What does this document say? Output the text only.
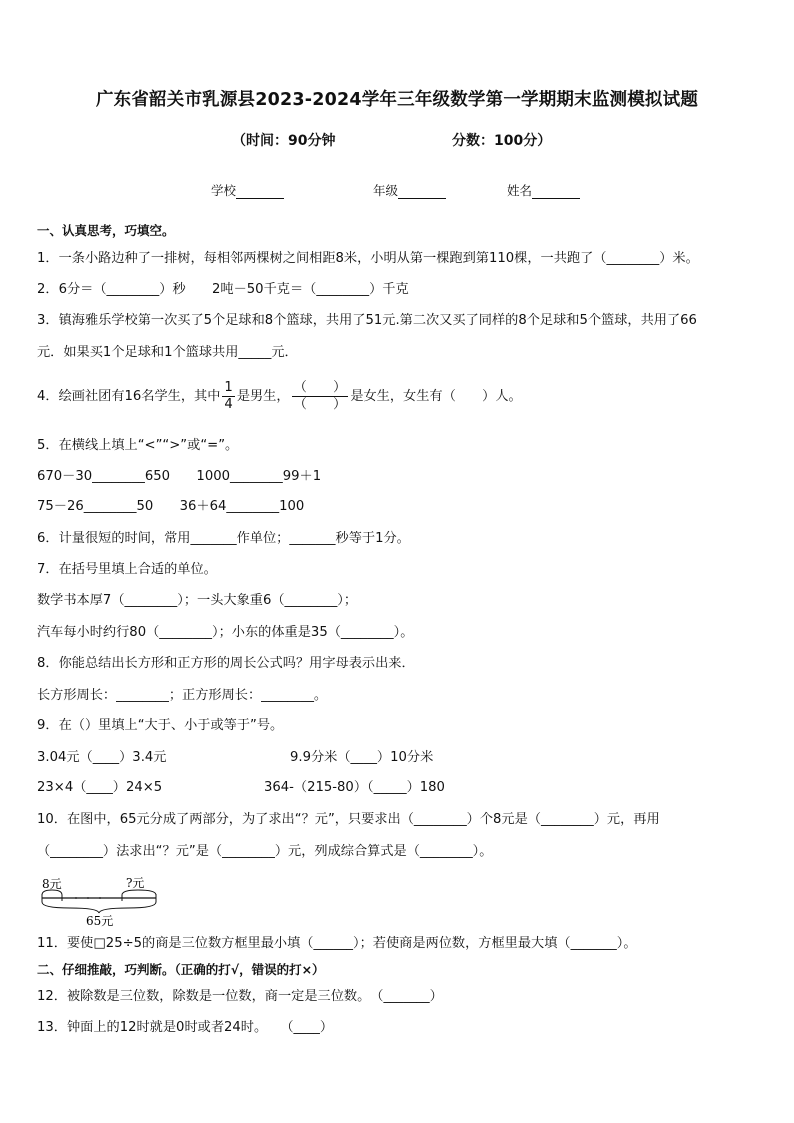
广东省韶关市乳源县2023-2024学年三年级数学第一学期期末监测模拟试题
（时间：90分钟	分数：100分）
学校	年级	姓名
一、认真思考，巧填空。
1．一条小路边种了一排树，每相邻两棵树之间相距8米，小明从第一棵跑到第110棵，一共跑了（________）米。
2．6分＝（________）秒　　2吨－50千克＝（________）千克
3．镇海雅乐学校第一次买了5个足球和8个篮球，共用了51元.第二次又买了同样的8个足球和5个篮球，共用了66
元．如果买1个足球和1个篮球共用_____元．
4．绘画社团有16名学生，其中 $\frac{1}{4}$ 是男生， $\frac{( )}{( )}$ 是女生，女生有（　　）人。
5．在横线上填上“<”“>”或“=”。
670－30________650　　1000________99＋1
75－26________50　　36＋64________100
6．计量很短的时间，常用_______作单位；_______秒等于1分。
7．在括号里填上合适的单位。
数学书本厚7（________）；一头大象重6（________）；
汽车每小时约行80（________）；小东的体重是35（________）。
8．你能总结出长方形和正方形的周长公式吗？用字母表示出来．
长方形周长：________；正方形周长：________。
9．在（）里填上“大于、小于或等于”号。
3.04元（____）3.4元	9.9分米（____）10分米
23×4（____）24×5	364-（215-80）（_____）180
10．在图中，65元分成了两部分，为了求出“？元”，只要求出（________）个8元是（________）元，再用
（________）法求出“？元”是（________）元，列成综合算式是（________）。
8元	?元
65元
11．要使□25÷5的商是三位数方框里最小填（______）；若使商是两位数，方框里最大填（_______）。
二、仔细推敲，巧判断。（正确的打√，错误的打×）
12．被除数是三位数，除数是一位数，商一定是三位数。　（_______）
13．钟面上的12时就是0时或者24时。　　（____）
